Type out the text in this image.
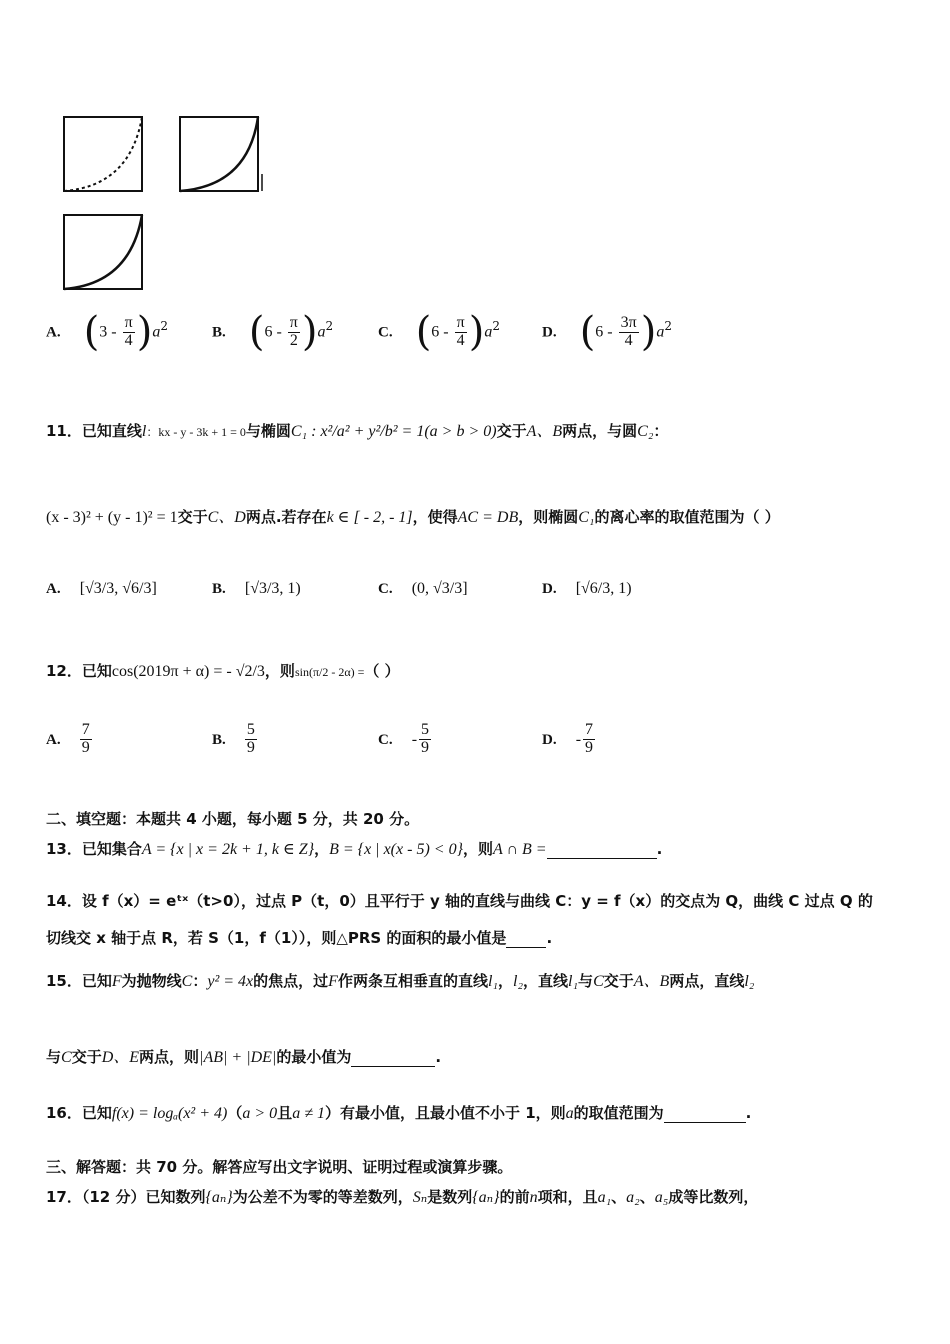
A. $(3 - \frac{\pi}{4} )a^2$	B. $(6 - \frac{\pi}{2} )a^2$	C. $(6 - \frac{\pi}{4} )a^2$	D. $(6 - \frac{3\pi}{4} )a^2$
11．已知直线l：kx - y - 3k + 1 = 0与椭圆C₁ : x²/a² + y²/b² = 1(a > b > 0)交于A、B两点，与圆C₂：
(x - 3)² + (y - 1)² = 1交于C、D两点.若存在k ∈ [ - 2, - 1]，使得AC = DB，则椭圆C₁的离心率的取值范围为（ ）
A. [√3/3, √6/3]	B. [√3/3, 1)	C. (0, √3/3]	D. [√6/3, 1)
12．已知cos(2019π + α) = - √2/3，则sin(π/2 - 2α) =（ ）
A. $\frac{7}{9}$	B. $\frac{5}{9}$	C. - $\frac{5}{9}$	D. - $\frac{7}{9}$
二、填空题：本题共 4 小题，每小题 5 分，共 20 分。
13．已知集合A = {x | x = 2k + 1, k ∈ Z}，B = {x | x(x - 5) < 0}，则A ∩ B =	.
14．设 f（x）= eᵗˣ（t>0），过点 P（t，0）且平行于 y 轴的直线与曲线 C：y = f（x）的交点为 Q，曲线 C 过点 Q 的
切线交 x 轴于点 R，若 S（1，f（1）），则△PRS 的面积的最小值是	.
15．已知F为抛物线C：y² = 4x的焦点，过F作两条互相垂直的直线l₁，l₂，直线l₁与C交于A、B两点，直线l₂
与C交于D、E两点，则|AB| + |DE|的最小值为	.
16．已知f(x) = logₐ(x² + 4)（a > 0且a ≠ 1）有最小值，且最小值不小于 1，则a的取值范围为	.
三、解答题：共 70 分。解答应写出文字说明、证明过程或演算步骤。
17．（12 分）已知数列{aₙ}为公差不为零的等差数列，Sₙ是数列{aₙ}的前n项和，且a₁、a₂、a₅成等比数列，
